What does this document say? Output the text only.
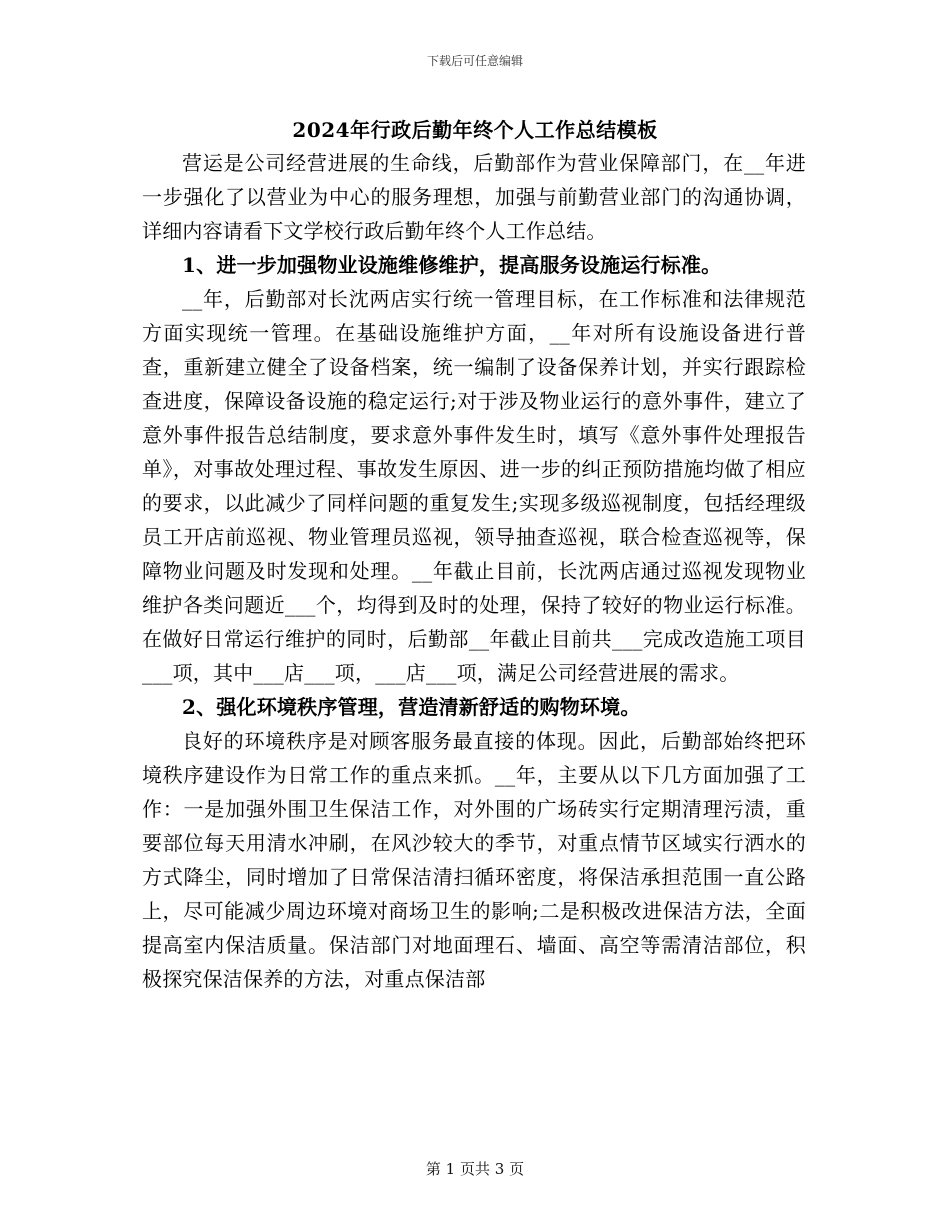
下载后可任意编辑
2024年行政后勤年终个人工作总结模板

营运是公司经营进展的生命线，后勤部作为营业保障部门，在__年进一步强化了以营业为中心的服务理想，加强与前勤营业部门的沟通协调，详细内容请看下文学校行政后勤年终个人工作总结。

1、进一步加强物业设施维修维护，提高服务设施运行标准。

__年，后勤部对长沈两店实行统一管理目标，在工作标准和法律规范方面实现统一管理。在基础设施维护方面，__年对所有设施设备进行普查，重新建立健全了设备档案，统一编制了设备保养计划，并实行跟踪检查进度，保障设备设施的稳定运行;对于涉及物业运行的意外事件，建立了意外事件报告总结制度，要求意外事件发生时，填写《意外事件处理报告单》，对事故处理过程、事故发生原因、进一步的纠正预防措施均做了相应的要求，以此减少了同样问题的重复发生;实现多级巡视制度，包括经理级员工开店前巡视、物业管理员巡视，领导抽查巡视，联合检查巡视等，保障物业问题及时发现和处理。__年截止目前，长沈两店通过巡视发现物业维护各类问题近___个，均得到及时的处理，保持了较好的物业运行标准。在做好日常运行维护的同时，后勤部__年截止目前共___完成改造施工项目___项，其中___店___项，___店___项，满足公司经营进展的需求。

2、强化环境秩序管理，营造清新舒适的购物环境。

良好的环境秩序是对顾客服务最直接的体现。因此，后勤部始终把环境秩序建设作为日常工作的重点来抓。__年，主要从以下几方面加强了工作：一是加强外围卫生保洁工作，对外围的广场砖实行定期清理污渍，重要部位每天用清水冲刷，在风沙较大的季节，对重点情节区域实行洒水的方式降尘，同时增加了日常保洁清扫循环密度，将保洁承担范围一直公路上，尽可能减少周边环境对商场卫生的影响;二是积极改进保洁方法，全面提高室内保洁质量。保洁部门对地面理石、墙面、高空等需清洁部位，积极探究保洁保养的方法，对重点保洁部

第 1 页共 3 页
